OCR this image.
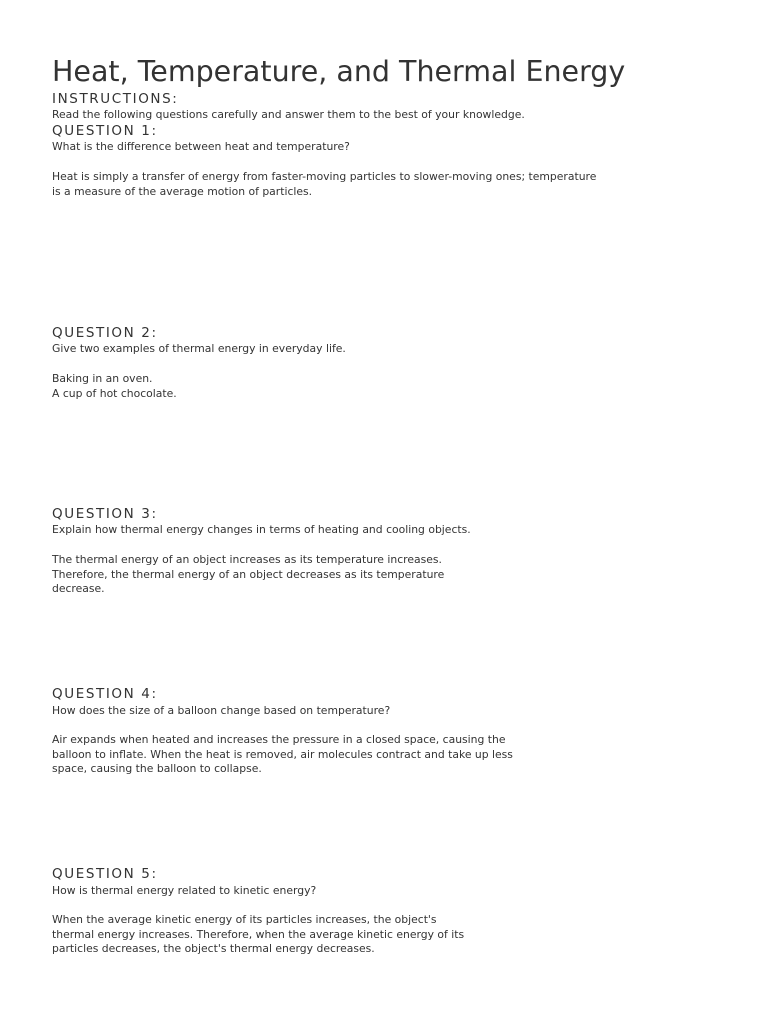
Heat, Temperature, and Thermal Energy
INSTRUCTIONS:
Read the following questions carefully and answer them to the best of your knowledge.
QUESTION 1:
What is the difference between heat and temperature?
Heat is simply a transfer of energy from faster-moving particles to slower-moving ones; temperature
is a measure of the average motion of particles.
QUESTION 2:
Give two examples of thermal energy in everyday life.
Baking in an oven.
A cup of hot chocolate.
QUESTION 3:
Explain how thermal energy changes in terms of heating and cooling objects.
The thermal energy of an object increases as its temperature increases.
Therefore, the thermal energy of an object decreases as its temperature
decrease.
QUESTION 4:
How does the size of a balloon change based on temperature?
Air expands when heated and increases the pressure in a closed space, causing the
balloon to inflate. When the heat is removed, air molecules contract and take up less
space, causing the balloon to collapse.
QUESTION 5:
How is thermal energy related to kinetic energy?
When the average kinetic energy of its particles increases, the object's
thermal energy increases. Therefore, when the average kinetic energy of its
particles decreases, the object's thermal energy decreases.
